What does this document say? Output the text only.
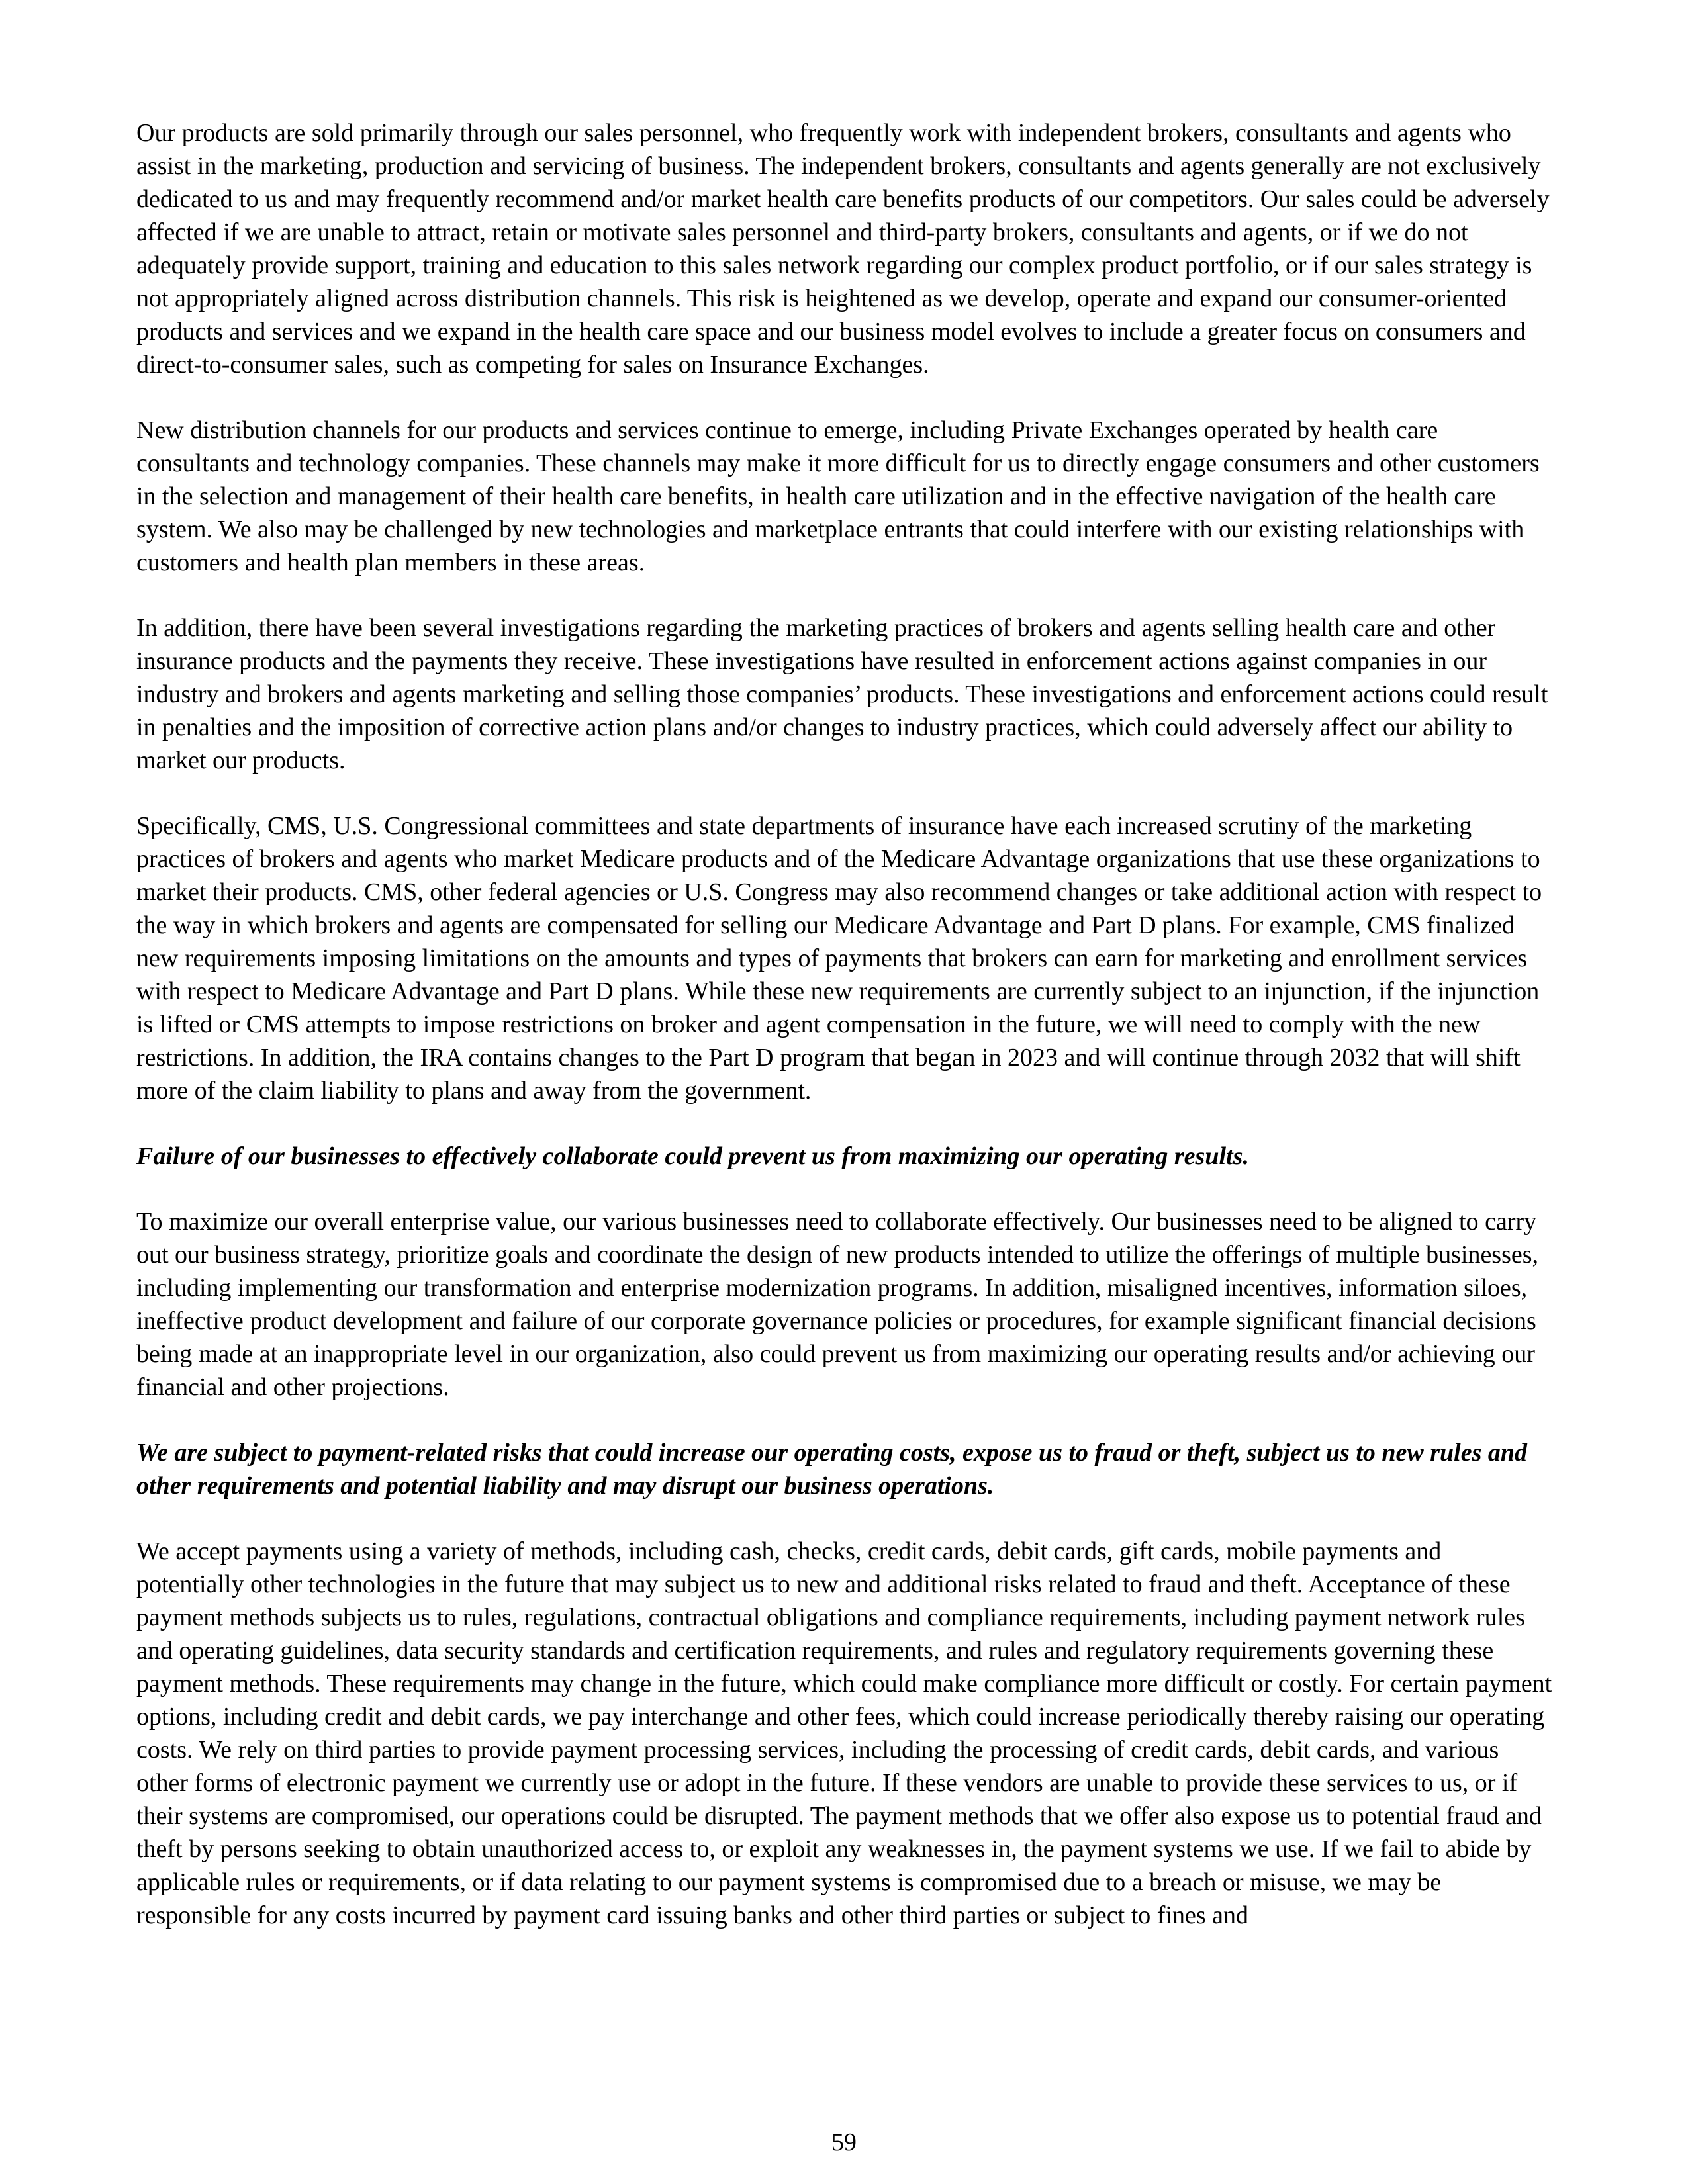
Our products are sold primarily through our sales personnel, who frequently work with independent brokers, consultants and agents who assist in the marketing, production and servicing of business. The independent brokers, consultants and agents generally are not exclusively dedicated to us and may frequently recommend and/or market health care benefits products of our competitors. Our sales could be adversely affected if we are unable to attract, retain or motivate sales personnel and third-party brokers, consultants and agents, or if we do not adequately provide support, training and education to this sales network regarding our complex product portfolio, or if our sales strategy is not appropriately aligned across distribution channels. This risk is heightened as we develop, operate and expand our consumer-oriented products and services and we expand in the health care space and our business model evolves to include a greater focus on consumers and direct-to-consumer sales, such as competing for sales on Insurance Exchanges.

New distribution channels for our products and services continue to emerge, including Private Exchanges operated by health care consultants and technology companies. These channels may make it more difficult for us to directly engage consumers and other customers in the selection and management of their health care benefits, in health care utilization and in the effective navigation of the health care system. We also may be challenged by new technologies and marketplace entrants that could interfere with our existing relationships with customers and health plan members in these areas.

In addition, there have been several investigations regarding the marketing practices of brokers and agents selling health care and other insurance products and the payments they receive. These investigations have resulted in enforcement actions against companies in our industry and brokers and agents marketing and selling those companies’ products. These investigations and enforcement actions could result in penalties and the imposition of corrective action plans and/or changes to industry practices, which could adversely affect our ability to market our products.

Specifically, CMS, U.S. Congressional committees and state departments of insurance have each increased scrutiny of the marketing practices of brokers and agents who market Medicare products and of the Medicare Advantage organizations that use these organizations to market their products. CMS, other federal agencies or U.S. Congress may also recommend changes or take additional action with respect to the way in which brokers and agents are compensated for selling our Medicare Advantage and Part D plans. For example, CMS finalized new requirements imposing limitations on the amounts and types of payments that brokers can earn for marketing and enrollment services with respect to Medicare Advantage and Part D plans. While these new requirements are currently subject to an injunction, if the injunction is lifted or CMS attempts to impose restrictions on broker and agent compensation in the future, we will need to comply with the new restrictions. In addition, the IRA contains changes to the Part D program that began in 2023 and will continue through 2032 that will shift more of the claim liability to plans and away from the government.

Failure of our businesses to effectively collaborate could prevent us from maximizing our operating results.

To maximize our overall enterprise value, our various businesses need to collaborate effectively. Our businesses need to be aligned to carry out our business strategy, prioritize goals and coordinate the design of new products intended to utilize the offerings of multiple businesses, including implementing our transformation and enterprise modernization programs. In addition, misaligned incentives, information siloes, ineffective product development and failure of our corporate governance policies or procedures, for example significant financial decisions being made at an inappropriate level in our organization, also could prevent us from maximizing our operating results and/or achieving our financial and other projections.

We are subject to payment-related risks that could increase our operating costs, expose us to fraud or theft, subject us to new rules and other requirements and potential liability and may disrupt our business operations.

We accept payments using a variety of methods, including cash, checks, credit cards, debit cards, gift cards, mobile payments and potentially other technologies in the future that may subject us to new and additional risks related to fraud and theft. Acceptance of these payment methods subjects us to rules, regulations, contractual obligations and compliance requirements, including payment network rules and operating guidelines, data security standards and certification requirements, and rules and regulatory requirements governing these payment methods. These requirements may change in the future, which could make compliance more difficult or costly. For certain payment options, including credit and debit cards, we pay interchange and other fees, which could increase periodically thereby raising our operating costs. We rely on third parties to provide payment processing services, including the processing of credit cards, debit cards, and various other forms of electronic payment we currently use or adopt in the future. If these vendors are unable to provide these services to us, or if their systems are compromised, our operations could be disrupted. The payment methods that we offer also expose us to potential fraud and theft by persons seeking to obtain unauthorized access to, or exploit any weaknesses in, the payment systems we use. If we fail to abide by applicable rules or requirements, or if data relating to our payment systems is compromised due to a breach or misuse, we may be responsible for any costs incurred by payment card issuing banks and other third parties or subject to fines and

59
